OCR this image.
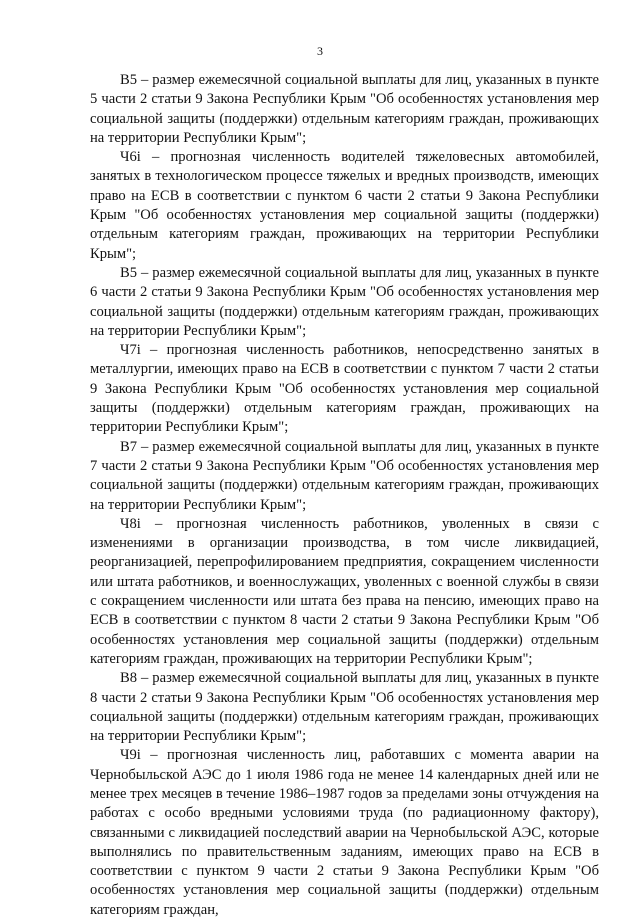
3

B5 – размер ежемесячной социальной выплаты для лиц, указанных в пункте 5 части 2 статьи 9 Закона Республики Крым "Об особенностях установления мер социальной защиты (поддержки) отдельным категориям граждан, проживающих на территории Республики Крым";

Ч6і – прогнозная численность водителей тяжеловесных автомобилей, занятых в технологическом процессе тяжелых и вредных производств, имеющих право на ЕСВ в соответствии с пунктом 6 части 2 статьи 9 Закона Республики Крым "Об особенностях установления мер социальной защиты (поддержки) отдельным категориям граждан, проживающих на территории Республики Крым";

B5 – размер ежемесячной социальной выплаты для лиц, указанных в пункте 6 части 2 статьи 9 Закона Республики Крым "Об особенностях установления мер социальной защиты (поддержки) отдельным категориям граждан, проживающих на территории Республики Крым";

Ч7і – прогнозная численность работников, непосредственно занятых в металлургии, имеющих право на ЕСВ в соответствии с пунктом 7 части 2 статьи 9 Закона Республики Крым "Об особенностях установления мер социальной защиты (поддержки) отдельным категориям граждан, проживающих на территории Республики Крым";

B7 – размер ежемесячной социальной выплаты для лиц, указанных в пункте 7 части 2 статьи 9 Закона Республики Крым "Об особенностях установления мер социальной защиты (поддержки) отдельным категориям граждан, проживающих на территории Республики Крым";

Ч8і – прогнозная численность работников, уволенных в связи с изменениями в организации производства, в том числе ликвидацией, реорганизацией, перепрофилированием предприятия, сокращением численности или штата работников, и военнослужащих, уволенных с военной службы в связи с сокращением численности или штата без права на пенсию, имеющих право на ЕСВ в соответствии с пунктом 8 части 2 статьи 9 Закона Республики Крым "Об особенностях установления мер социальной защиты (поддержки) отдельным категориям граждан, проживающих на территории Республики Крым";

B8 – размер ежемесячной социальной выплаты для лиц, указанных в пункте 8 части 2 статьи 9 Закона Республики Крым "Об особенностях установления мер социальной защиты (поддержки) отдельным категориям граждан, проживающих на территории Республики Крым";

Ч9і – прогнозная численность лиц, работавших с момента аварии на Чернобыльской АЭС до 1 июля 1986 года не менее 14 календарных дней или не менее трех месяцев в течение 1986–1987 годов за пределами зоны отчуждения на работах с особо вредными условиями труда (по радиационному фактору), связанными с ликвидацией последствий аварии на Чернобыльской АЭС, которые выполнялись по правительственным заданиям, имеющих право на ЕСВ в соответствии с пунктом 9 части 2 статьи 9 Закона Республики Крым "Об особенностях установления мер социальной защиты (поддержки) отдельным категориям граждан,
